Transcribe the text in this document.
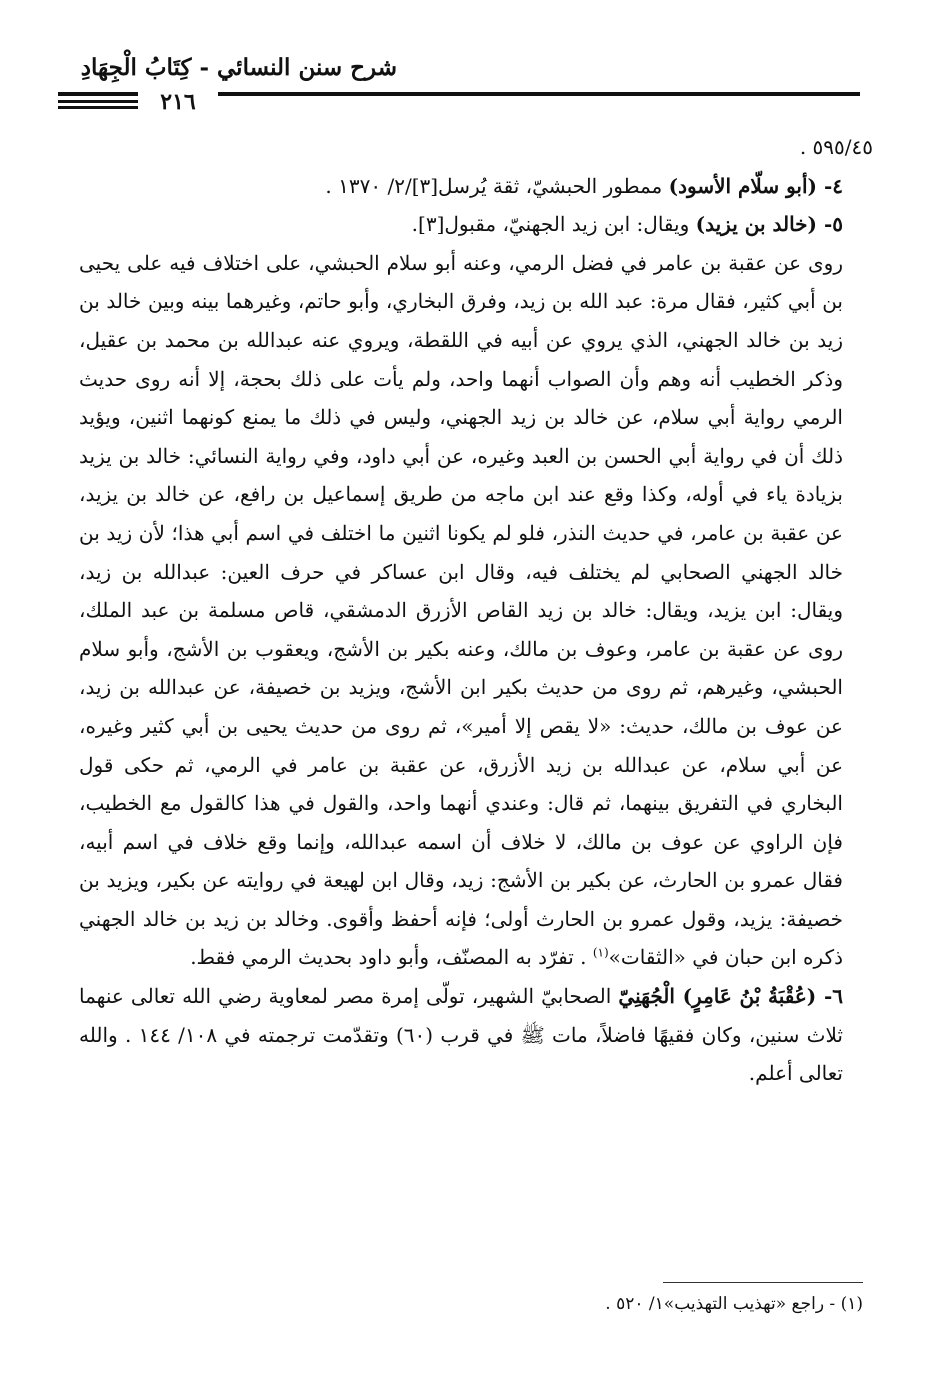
شرح سنن النسائي - كِتَابُ الْجِهَادِ
٢١٦

٥٩٥/٤٥ .

٤- (أبو سلّام الأسود) ممطور الحبشيّ، ثقة يُرسل[٣]/٢/ ١٣٧٠ .

٥- (خالد بن يزيد) ويقال: ابن زيد الجهنيّ، مقبول[٣].

روى عن عقبة بن عامر في فضل الرمي، وعنه أبو سلام الحبشي، على اختلاف فيه على يحيى بن أبي كثير، فقال مرة: عبد الله بن زيد، وفرق البخاري، وأبو حاتم، وغيرهما بينه وبين خالد بن زيد بن خالد الجهني، الذي يروي عن أبيه في اللقطة، ويروي عنه عبدالله بن محمد بن عقيل، وذكر الخطيب أنه وهم وأن الصواب أنهما واحد، ولم يأت على ذلك بحجة، إلا أنه روى حديث الرمي رواية أبي سلام، عن خالد بن زيد الجهني، وليس في ذلك ما يمنع كونهما اثنين، ويؤيد ذلك أن في رواية أبي الحسن بن العبد وغيره، عن أبي داود، وفي رواية النسائي: خالد بن يزيد بزيادة ياء في أوله، وكذا وقع عند ابن ماجه من طريق إسماعيل بن رافع، عن خالد بن يزيد، عن عقبة بن عامر، في حديث النذر، فلو لم يكونا اثنين ما اختلف في اسم أبي هذا؛ لأن زيد بن خالد الجهني الصحابي لم يختلف فيه، وقال ابن عساكر في حرف العين: عبدالله بن زيد، ويقال: ابن يزيد، ويقال: خالد بن زيد القاص الأزرق الدمشقي، قاص مسلمة بن عبد الملك، روى عن عقبة بن عامر، وعوف بن مالك، وعنه بكير بن الأشج، ويعقوب بن الأشج، وأبو سلام الحبشي، وغيرهم، ثم روى من حديث بكير ابن الأشج، ويزيد بن خصيفة، عن عبدالله بن زيد، عن عوف بن مالك، حديث: «لا يقص إلا أمير»، ثم روى من حديث يحيى بن أبي كثير وغيره، عن أبي سلام، عن عبدالله بن زيد الأزرق، عن عقبة بن عامر في الرمي، ثم حكى قول البخاري في التفريق بينهما، ثم قال: وعندي أنهما واحد، والقول في هذا كالقول مع الخطيب، فإن الراوي عن عوف بن مالك، لا خلاف أن اسمه عبدالله، وإنما وقع خلاف في اسم أبيه، فقال عمرو بن الحارث، عن بكير بن الأشج: زيد، وقال ابن لهيعة في روايته عن بكير، ويزيد بن خصيفة: يزيد، وقول عمرو بن الحارث أولى؛ فإنه أحفظ وأقوى. وخالد بن زيد بن خالد الجهني ذكره ابن حبان في «الثقات»$^{(١)}$ . تفرّد به المصنّف، وأبو داود بحديث الرمي فقط.

٦- (عُقْبَةُ بْنُ عَامِرٍ) الْجُهَنِيّ الصحابيّ الشهير، تولّى إمرة مصر لمعاوية رضي الله تعالى عنهما ثلاث سنين، وكان فقيهًا فاضلاً، مات ﷺ في قرب (٦٠) وتقدّمت ترجمته في ١٠٨/ ١٤٤ . والله تعالى أعلم.

(١) - راجع «تهذيب التهذيب»١/ ٥٢٠ .
